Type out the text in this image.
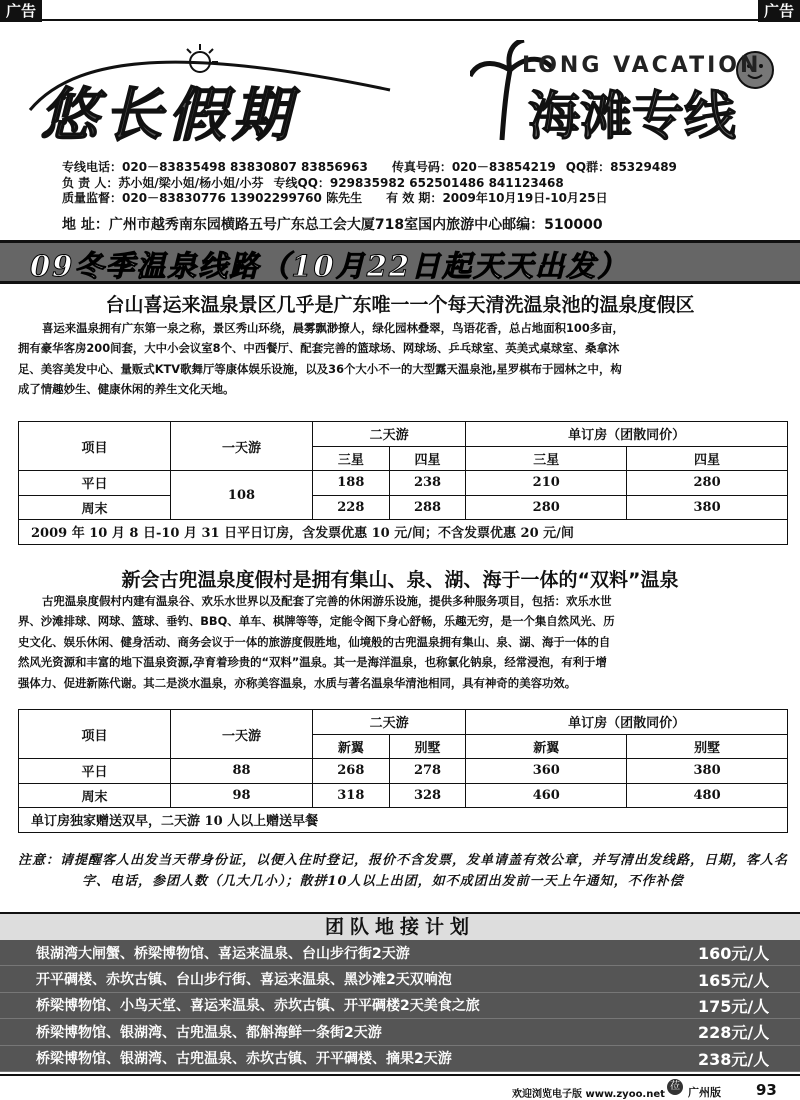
广告	广告
悠长假期
LONG VACATION
海滩专线
专线电话：020－83835498 83830807 83856963 传真号码：020－83854219 QQ群：85329489
负 责 人：苏小姐/梁小姐/杨小姐/小芬 专线QQ：929835982 652501486 841123468
质量监督：020－83830776 13902299760 陈先生 有 效 期：2009年10月19日-10月25日
地 址：广州市越秀南东园横路五号广东总工会大厦718室国内旅游中心邮编：510000
09冬季温泉线路（10月22日起天天出发）
台山喜运来温泉景区几乎是广东唯一一个每天清洗温泉池的温泉度假区
喜运来温泉拥有广东第一泉之称，景区秀山环绕，晨雾飘渺撩人，绿化园林叠翠，鸟语花香，总占地面积100多亩，
拥有豪华客房200间套，大中小会议室8个、中西餐厅、配套完善的篮球场、网球场、乒乓球室、英美式桌球室、桑拿沐
足、美容美发中心、量贩式KTV歌舞厅等康体娱乐设施，以及36个大小不一的大型露天温泉池,星罗棋布于园林之中，构
成了情趣妙生、健康休闲的养生文化天地。
项目	一天游	二天游		单订房（团散同价）	
		三星	四星	三星	四星
平日	108	188	238	210	280
周末		228	288	280	380
2009 年 10 月 8 日-10 月 31 日平日订房，含发票优惠 10 元/间；不含发票优惠 20 元/间					
新会古兜温泉度假村是拥有集山、泉、湖、海于一体的“双料”温泉
古兜温泉度假村内建有温泉谷、欢乐水世界以及配套了完善的休闲游乐设施，提供多种服务项目，包括：欢乐水世
界、沙滩排球、网球、篮球、垂钓、BBQ、单车、棋牌等等，定能令阁下身心舒畅，乐趣无穷，是一个集自然风光、历
史文化、娱乐休闲、健身活动、商务会议于一体的旅游度假胜地，仙境般的古兜温泉拥有集山、泉、湖、海于一体的自
然风光资源和丰富的地下温泉资源,孕育着珍贵的“双料”温泉。其一是海洋温泉，也称氯化钠泉，经常浸泡，有利于增
强体力、促进新陈代谢。其二是淡水温泉，亦称美容温泉，水质与著名温泉华清池相同，具有神奇的美容功效。
项目	一天游	二天游		单订房（团散同价）	
		新翼	别墅	新翼	别墅
平日	88	268	278	360	380
周末	98	318	328	460	480
单订房独家赠送双早，二天游 10 人以上赠送早餐					
注意：请提醒客人出发当天带身份证，以便入住时登记，报价不含发票，发单请盖有效公章，并写清出发线路，日期，客人名字、电话，参团人数（几大几小）；散拼10人以上出团，如不成团出发前一天上午通知，不作补偿
团队地接计划
银湖湾大闸蟹、桥梁博物馆、喜运来温泉、台山步行街2天游	160元/人
开平碉楼、赤坎古镇、台山步行街、喜运来温泉、黑沙滩2天双响泡	165元/人
桥梁博物馆、小鸟天堂、喜运来温泉、赤坎古镇、开平碉楼2天美食之旅	175元/人
桥梁博物馆、银湖湾、古兜温泉、都斛海鲜一条街2天游	228元/人
桥梁博物馆、银湖湾、古兜温泉、赤坎古镇、开平碉楼、摘果2天游	238元/人
欢迎浏览电子版 www.zyoo.net
莅 广州版 93
